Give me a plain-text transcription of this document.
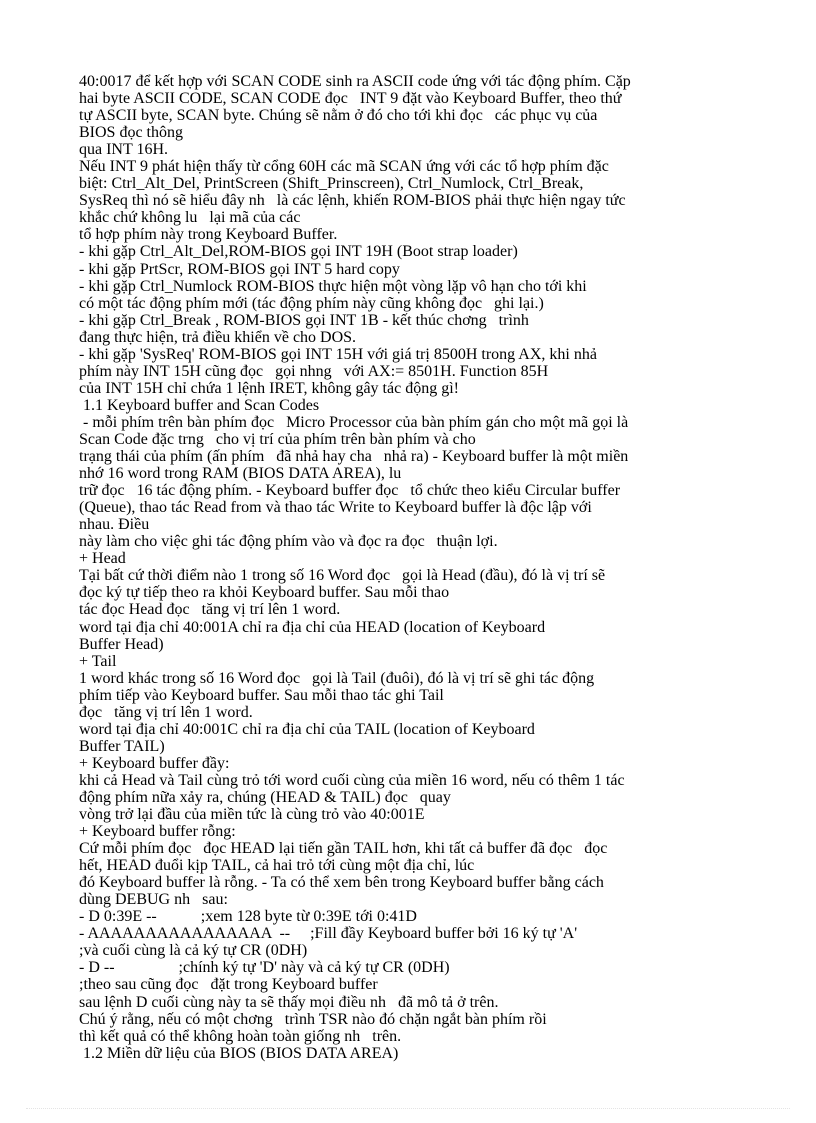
40:0017 để kết hợp với SCAN CODE sinh ra ASCII code ứng với tác động phím. Cặp
hai byte ASCII CODE, SCAN CODE đọc   INT 9 đặt vào Keyboard Buffer, theo thứ
tự ASCII byte, SCAN byte. Chúng sẽ nằm ở đó cho tới khi đọc   các phục vụ của
BIOS đọc thông
qua INT 16H.
Nếu INT 9 phát hiện thấy từ cổng 60H các mã SCAN ứng với các tổ hợp phím đặc
biệt: Ctrl_Alt_Del, PrintScreen (Shift_Prinscreen), Ctrl_Numlock, Ctrl_Break,
SysReq thì nó sẽ hiểu đây nh   là các lệnh, khiến ROM-BIOS phải thực hiện ngay tức
khắc chứ không lu   lại mã của các
tổ hợp phím này trong Keyboard Buffer.
- khi gặp Ctrl_Alt_Del,ROM-BIOS gọi INT 19H (Boot strap loader)
- khi gặp PrtScr, ROM-BIOS gọi INT 5 hard copy
- khi gặp Ctrl_Numlock ROM-BIOS thực hiện một vòng lặp vô hạn cho tới khi
có một tác động phím mới (tác động phím này cũng không đọc   ghi lại.)
- khi gặp Ctrl_Break , ROM-BIOS gọi INT 1B - kết thúc chơng   trình
đang thực hiện, trả điều khiển về cho DOS.
- khi gặp 'SysReq' ROM-BIOS gọi INT 15H với giá trị 8500H trong AX, khi nhả
phím này INT 15H cũng đọc   gọi nhng   với AX:= 8501H. Function 85H
của INT 15H chỉ chứa 1 lệnh IRET, không gây tác động gì!
1.1 Keyboard buffer and Scan Codes
- mỗi phím trên bàn phím đọc   Micro Processor của bàn phím gán cho một mã gọi là
Scan Code đặc trng   cho vị trí của phím trên bàn phím và cho
trạng thái của phím (ấn phím   đã nhả hay cha   nhả ra) - Keyboard buffer là một miền
nhớ 16 word trong RAM (BIOS DATA AREA), lu
trữ đọc   16 tác động phím. - Keyboard buffer đọc   tổ chức theo kiểu Circular buffer
(Queue), thao tác Read from và thao tác Write to Keyboard buffer là độc lập với
nhau. Điều
này làm cho việc ghi tác động phím vào và đọc ra đọc   thuận lợi.
+ Head
Tại bất cứ thời điểm nào 1 trong số 16 Word đọc   gọi là Head (đầu), đó là vị trí sẽ
đọc ký tự tiếp theo ra khỏi Keyboard buffer. Sau mỗi thao
tác đọc Head đọc   tăng vị trí lên 1 word.
word tại địa chỉ 40:001A chỉ ra địa chỉ của HEAD (location of Keyboard
Buffer Head)
+ Tail
1 word khác trong số 16 Word đọc   gọi là Tail (đuôi), đó là vị trí sẽ ghi tác động
phím tiếp vào Keyboard buffer. Sau mỗi thao tác ghi Tail
đọc   tăng vị trí lên 1 word.
word tại địa chỉ 40:001C chỉ ra địa chỉ của TAIL (location of Keyboard
Buffer TAIL)
+ Keyboard buffer đầy:
khi cả Head và Tail cùng trỏ tới word cuối cùng của miền 16 word, nếu có thêm 1 tác
động phím nữa xảy ra, chúng (HEAD & TAIL) đọc   quay
vòng trở lại đầu của miền tức là cùng trỏ vào 40:001E
+ Keyboard buffer rỗng:
Cứ mỗi phím đọc   đọc HEAD lại tiến gần TAIL hơn, khi tất cả buffer đã đọc   đọc
hết, HEAD đuổi kịp TAIL, cả hai trỏ tới cùng một địa chỉ, lúc
đó Keyboard buffer là rỗng. - Ta có thể xem bên trong Keyboard buffer bằng cách
dùng DEBUG nh   sau:
- D 0:39E --           ;xem 128 byte từ 0:39E tới 0:41D
- AAAAAAAAAAAAAAAA  --     ;Fill đầy Keyboard buffer bởi 16 ký tự 'A'
;và cuối cùng là cả ký tự CR (0DH)
- D --                ;chính ký tự 'D' này và cả ký tự CR (0DH)
;theo sau cũng đọc   đặt trong Keyboard buffer
sau lệnh D cuối cùng này ta sẽ thấy mọi điều nh   đã mô tả ở trên.
Chú ý rằng, nếu có một chơng   trình TSR nào đó chặn ngắt bàn phím rồi
thì kết quả có thể không hoàn toàn giống nh   trên.
1.2 Miền dữ liệu của BIOS (BIOS DATA AREA)
